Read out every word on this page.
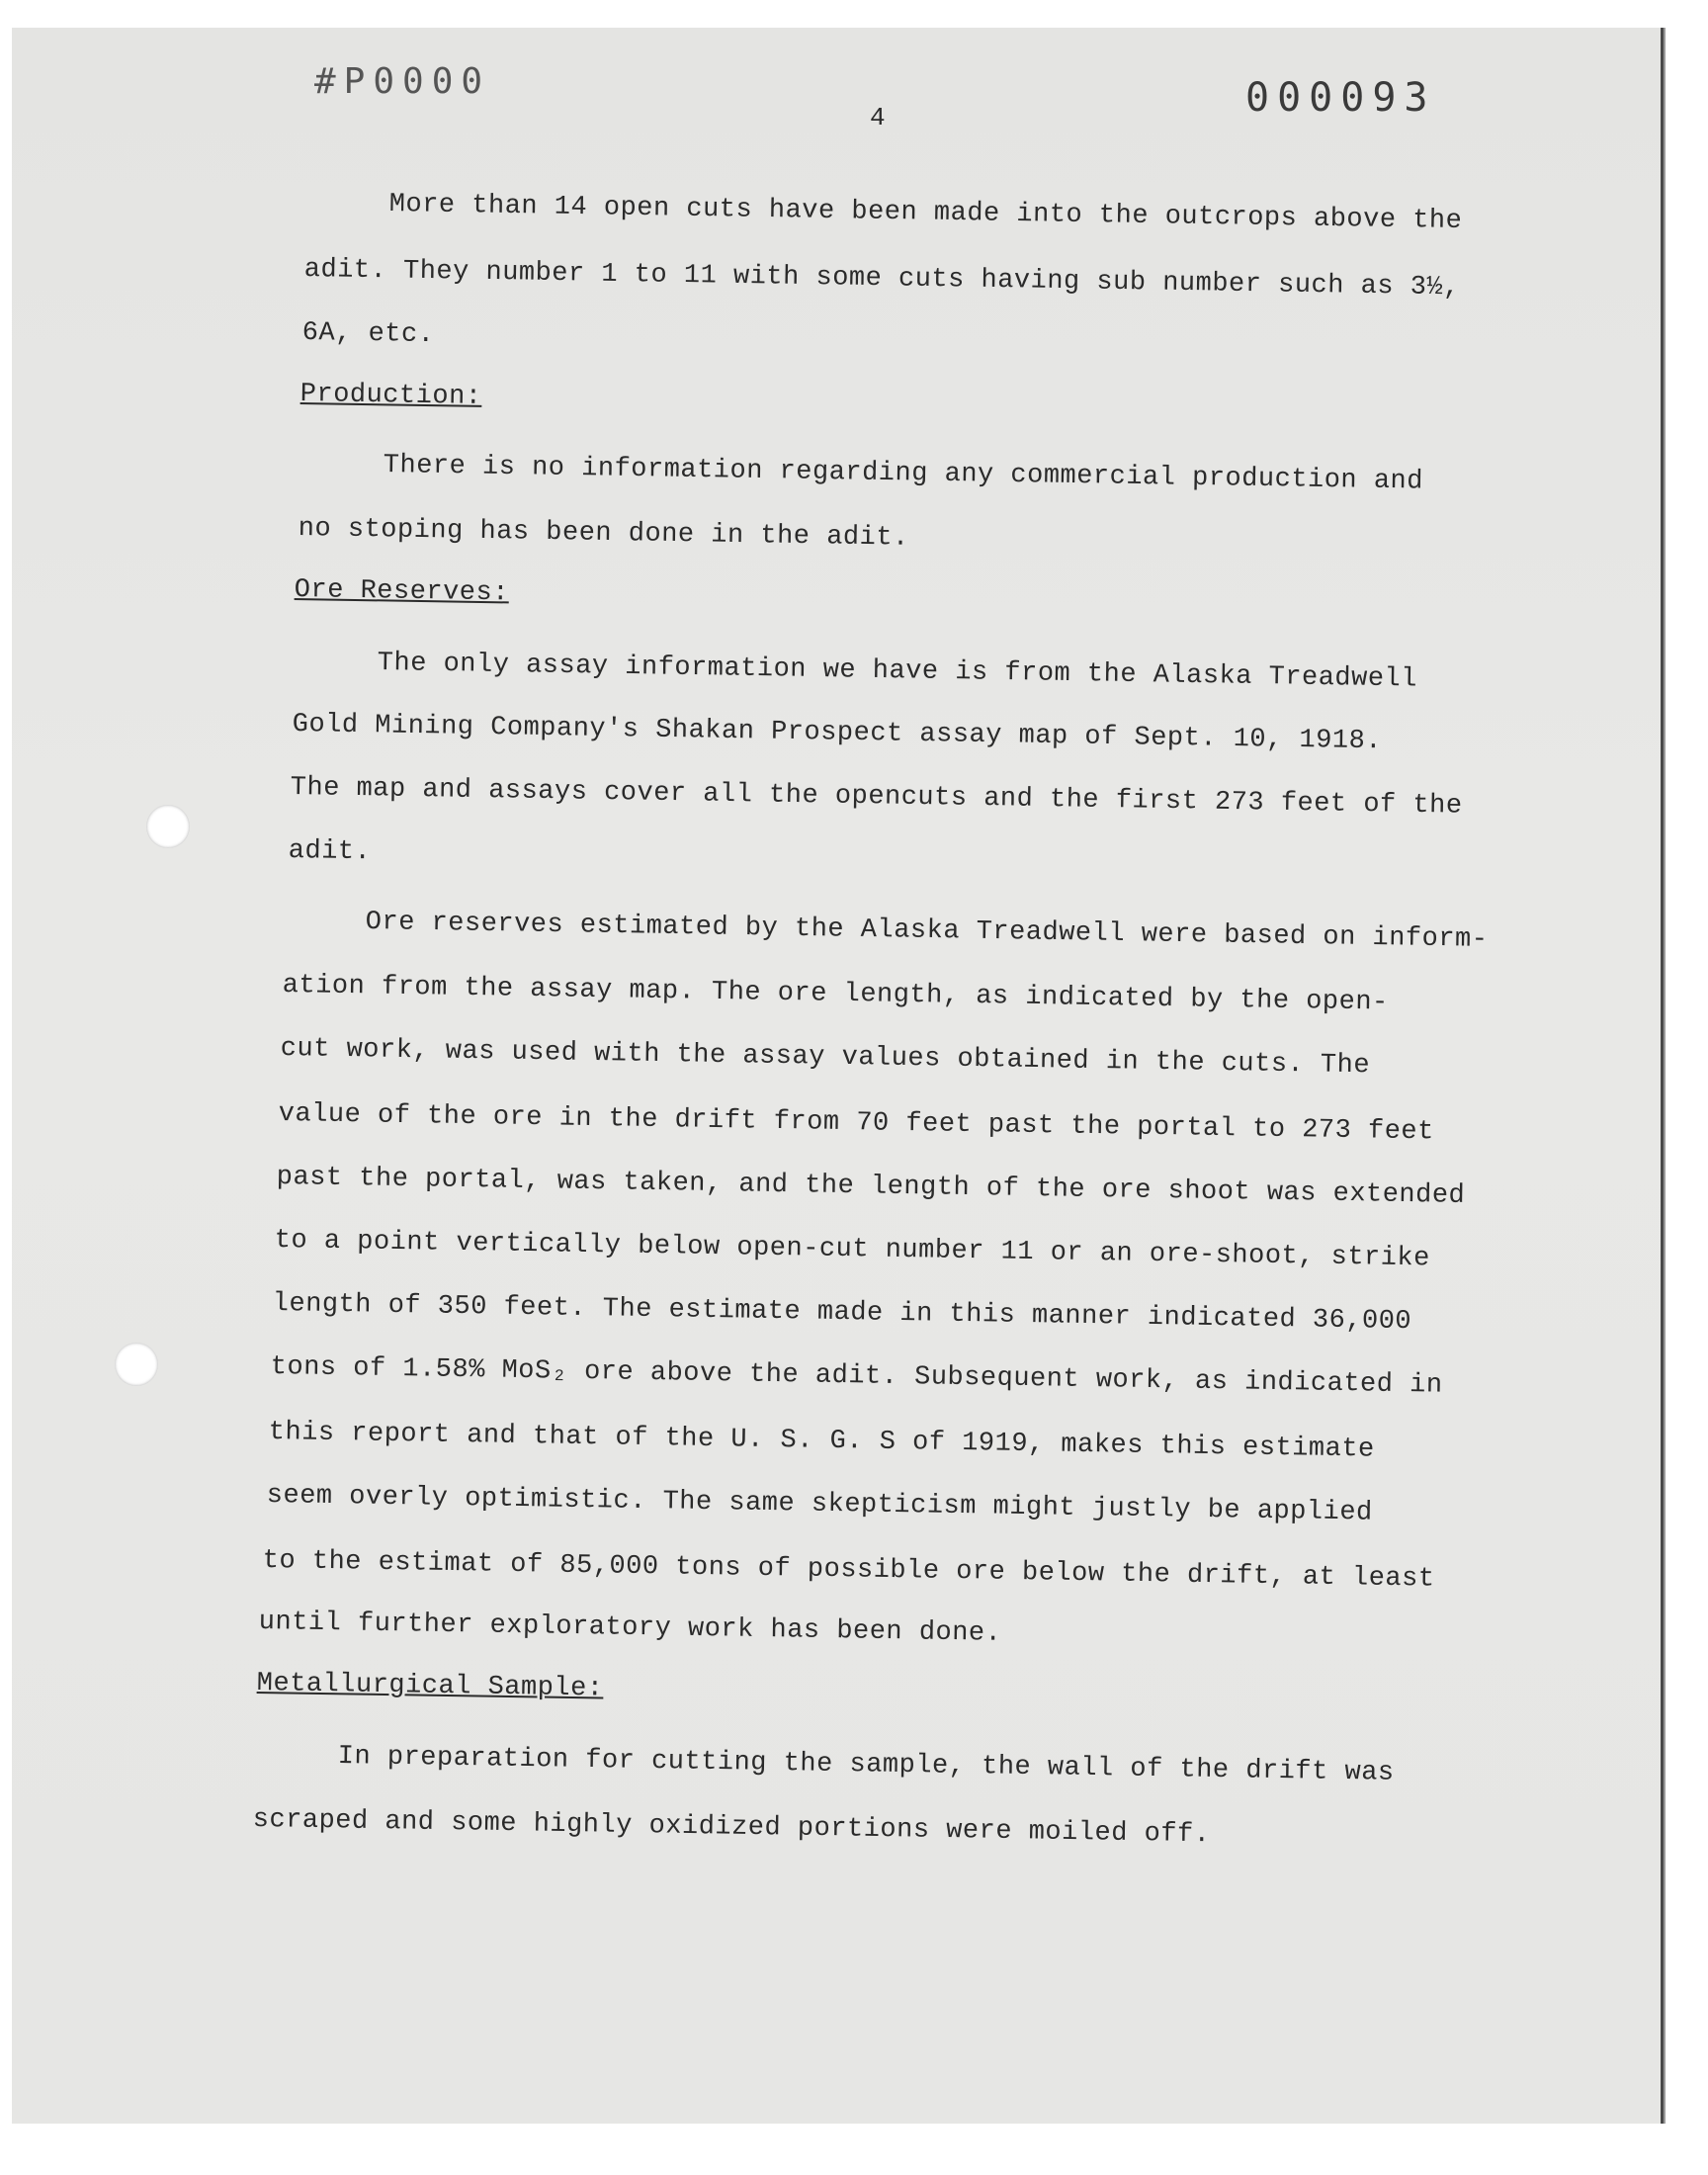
#P0000
4	000093
More than 14 open cuts have been made into the outcrops above the
adit. They number 1 to 11 with some cuts having sub number such as 3½,
6A, etc.
Production:
There is no information regarding any commercial production and
no stoping has been done in the adit.
Ore Reserves:
The only assay information we have is from the Alaska Treadwell
Gold Mining Company's Shakan Prospect assay map of Sept. 10, 1918.
The map and assays cover all the opencuts and the first 273 feet of the
adit.
Ore reserves estimated by the Alaska Treadwell were based on inform-
ation from the assay map. The ore length, as indicated by the open-
cut work, was used with the assay values obtained in the cuts. The
value of the ore in the drift from 70 feet past the portal to 273 feet
past the portal, was taken, and the length of the ore shoot was extended
to a point vertically below open-cut number 11 or an ore-shoot, strike
length of 350 feet. The estimate made in this manner indicated 36,000
tons of 1.58% MoS₂ ore above the adit. Subsequent work, as indicated in
this report and that of the U. S. G. S of 1919, makes this estimate
seem overly optimistic. The same skepticism might justly be applied
to the estimat of 85,000 tons of possible ore below the drift, at least
until further exploratory work has been done.
Metallurgical Sample:
In preparation for cutting the sample, the wall of the drift was
scraped and some highly oxidized portions were moiled off.
